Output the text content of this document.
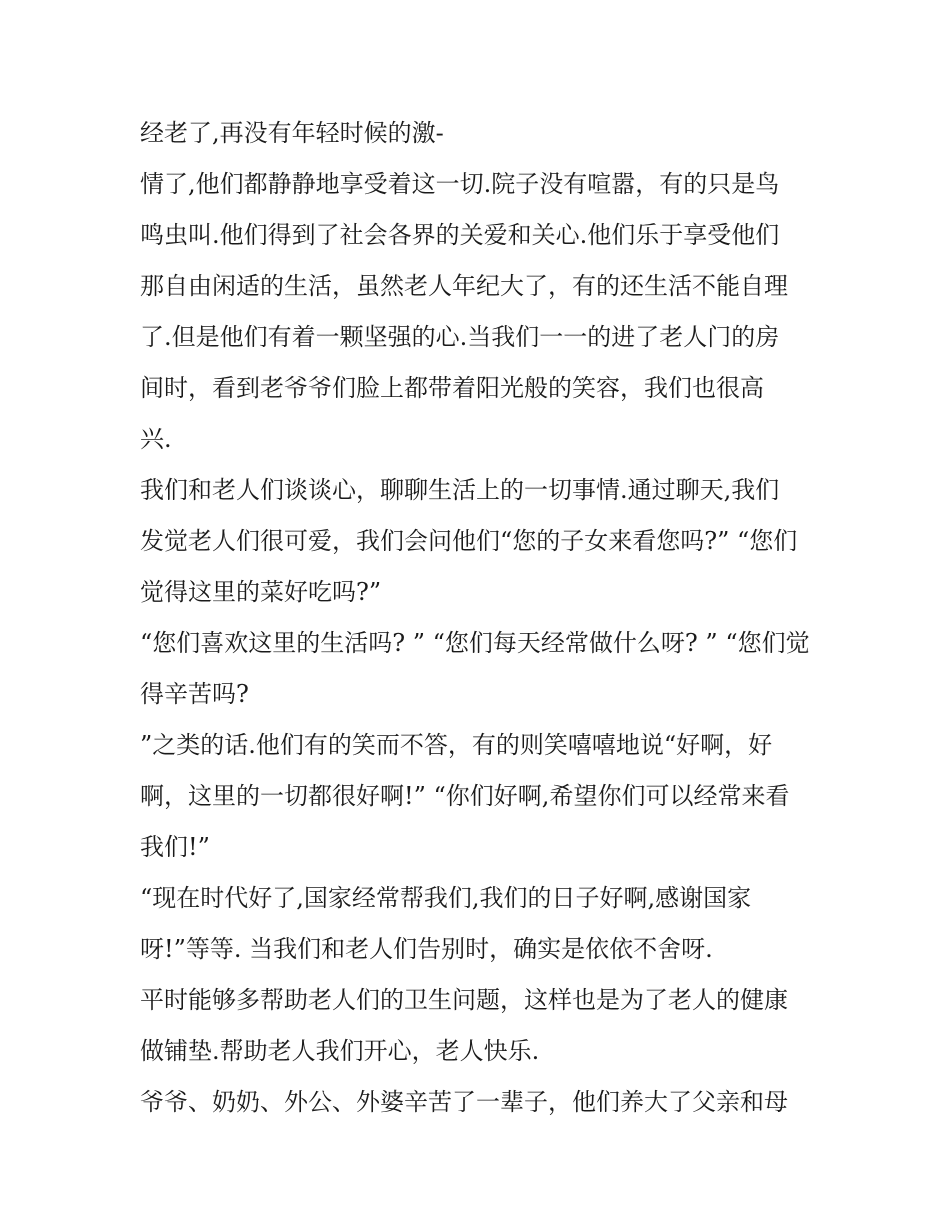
经老了,再没有年轻时候的激-
情了,他们都静静地享受着这一切.院子没有喧嚣，有的只是鸟
鸣虫叫.他们得到了社会各界的关爱和关心.他们乐于享受他们
那自由闲适的生活，虽然老人年纪大了，有的还生活不能自理
了.但是他们有着一颗坚强的心.当我们一一的进了老人门的房
间时，看到老爷爷们脸上都带着阳光般的笑容，我们也很高
兴.
我们和老人们谈谈心，聊聊生活上的一切事情.通过聊天,我们
发觉老人们很可爱，我们会问他们“您的子女来看您吗?” “您们
觉得这里的菜好吃吗?”
“您们喜欢这里的生活吗? ” “您们每天经常做什么呀? ” “您们觉
得辛苦吗?
”之类的话.他们有的笑而不答，有的则笑嘻嘻地说“好啊，好
啊，这里的一切都很好啊!” “你们好啊,希望你们可以经常来看
我们!”
“现在时代好了,国家经常帮我们,我们的日子好啊,感谢国家
呀!”等等. 当我们和老人们告别时，确实是依依不舍呀.
平时能够多帮助老人们的卫生问题，这样也是为了老人的健康
做铺垫.帮助老人我们开心，老人快乐.
爷爷、奶奶、外公、外婆辛苦了一辈子，他们养大了父亲和母
